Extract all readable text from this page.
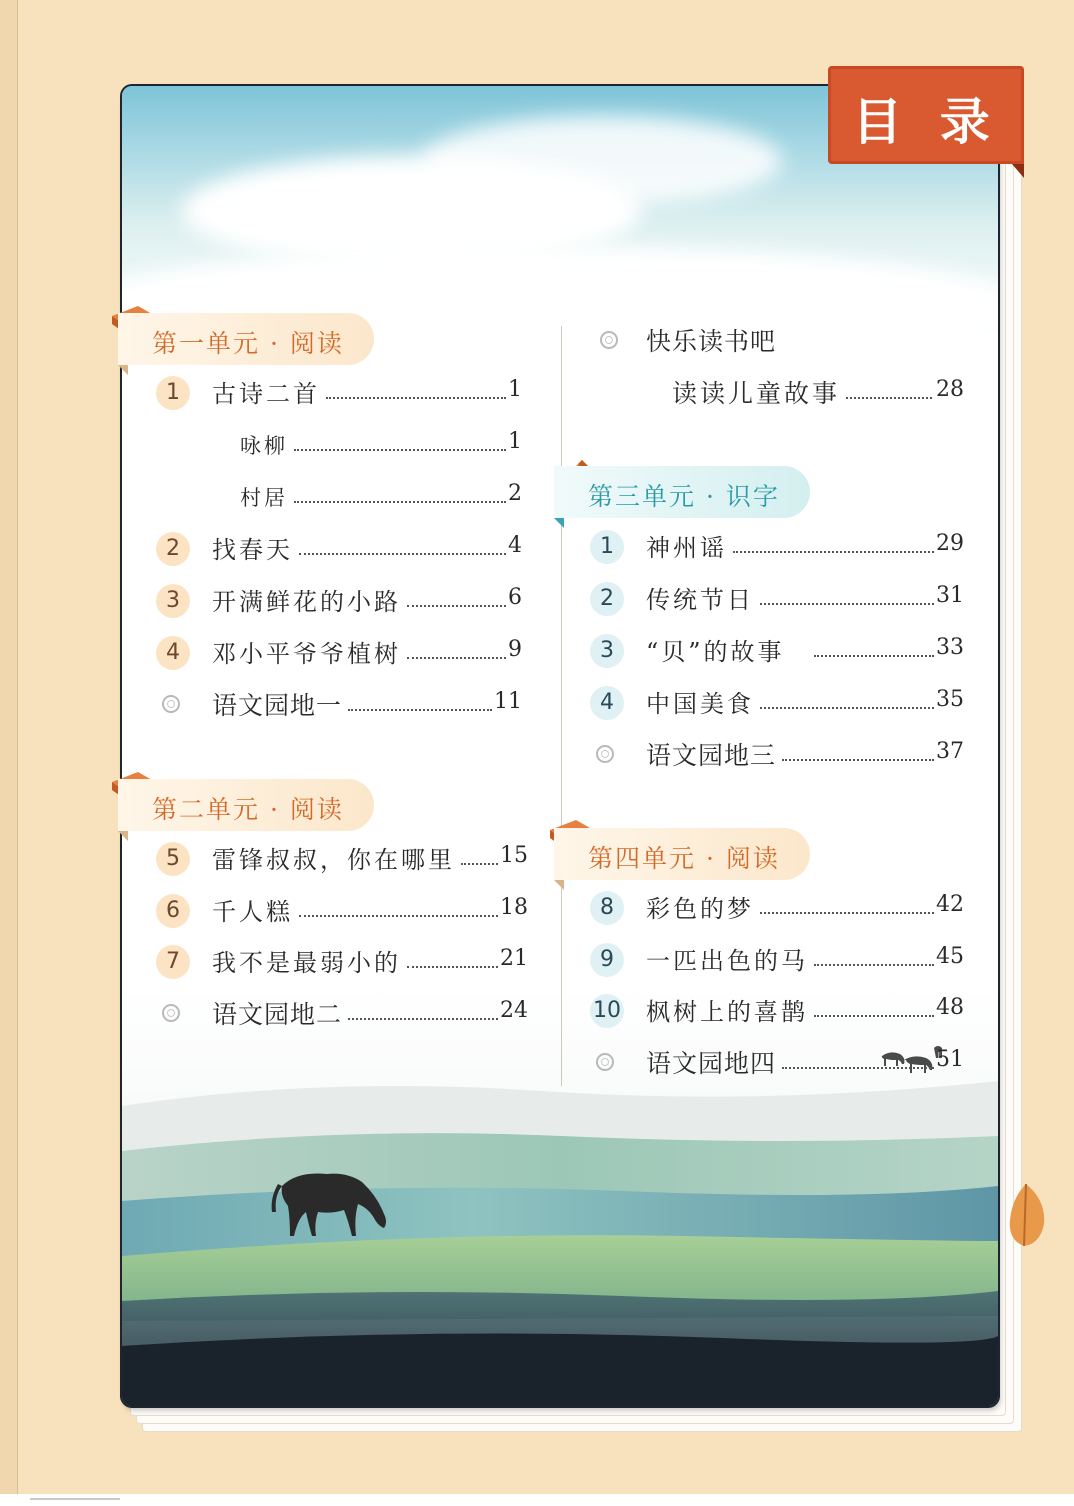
目 录
第一单元 · 阅读
1	古诗二首	1
咏柳	1
村居	2
2	找春天	4
3	开满鲜花的小路	6
4	邓小平爷爷植树	9
语文园地一	11
第二单元 · 阅读
5	雷锋叔叔，你在哪里 15
6	千人糕	18
7	我不是最弱小的	21
语文园地二	24
快乐读书吧
读读儿童故事	28
第三单元 · 识字
1	神州谣	29
2	传统节日	31
3	“贝”的故事	33
4	中国美食	35
语文园地三	37
第四单元 · 阅读
8	彩色的梦	42
9	一匹出色的马	45
10 枫树上的喜鹊	48
语文园地四	51
